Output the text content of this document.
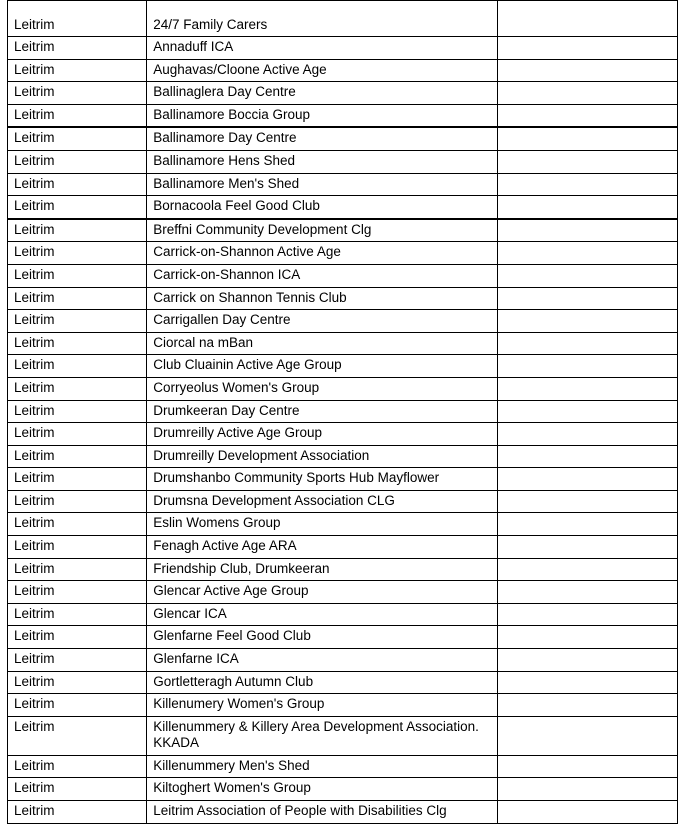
Leitrim	24/7 Family Carers	
Leitrim	Annaduff ICA	
Leitrim	Aughavas/Cloone Active Age	
Leitrim	Ballinaglera Day Centre	
Leitrim	Ballinamore Boccia Group	
Leitrim	Ballinamore Day Centre	
Leitrim	Ballinamore Hens Shed	
Leitrim	Ballinamore Men's Shed	
Leitrim	Bornacoola Feel Good Club	
Leitrim	Breffni Community Development Clg	
Leitrim	Carrick-on-Shannon Active Age	
Leitrim	Carrick-on-Shannon ICA	
Leitrim	Carrick on Shannon Tennis Club	
Leitrim	Carrigallen Day Centre	
Leitrim	Ciorcal na mBan	
Leitrim	Club Cluainin Active Age Group	
Leitrim	Corryeolus Women's Group	
Leitrim	Drumkeeran Day Centre	
Leitrim	Drumreilly Active Age Group	
Leitrim	Drumreilly Development Association	
Leitrim	Drumshanbo Community Sports Hub Mayflower	
Leitrim	Drumsna Development Association CLG	
Leitrim	Eslin Womens Group	
Leitrim	Fenagh Active Age ARA	
Leitrim	Friendship Club, Drumkeeran	
Leitrim	Glencar Active Age Group	
Leitrim	Glencar ICA	
Leitrim	Glenfarne Feel Good Club	
Leitrim	Glenfarne ICA	
Leitrim	Gortletteragh Autumn Club	
Leitrim	Killenumery Women's Group	
Leitrim	Killenummery & Killery Area Development Association. KKADA	
Leitrim	Killenummery Men's Shed	
Leitrim	Kiltoghert Women's Group	
Leitrim	Leitrim Association of People with Disabilities Clg	
